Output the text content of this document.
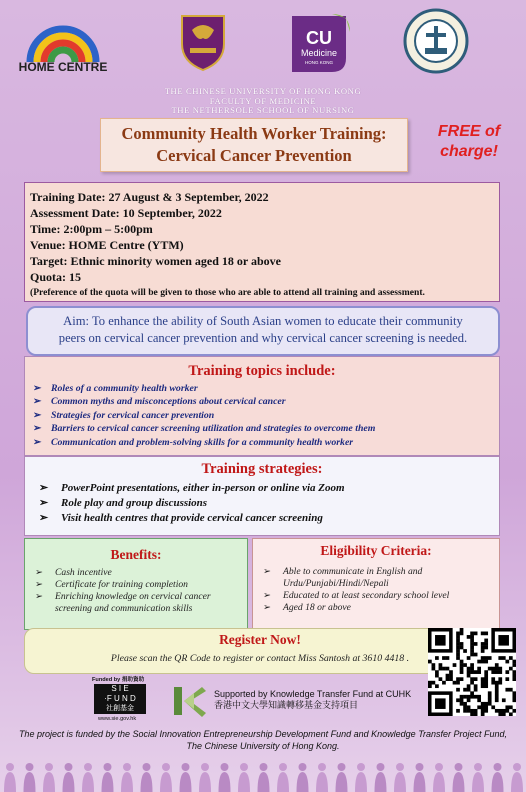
HOME CENTRE
CU
Medicine
HONG KONG
THE CHINESE UNIVERSITY OF HONG KONG
FACULTY OF MEDICINE
THE NETHERSOLE SCHOOL OF NURSING
Community Health Worker Training:
Cervical Cancer Prevention
FREE of
charge!
Training Date: 27 August & 3 September, 2022
Assessment Date: 10 September, 2022
Time: 2:00pm – 5:00pm
Venue: HOME Centre (YTM)
Target: Ethnic minority women aged 18 or above
Quota: 15
(Preference of the quota will be given to those who are able to attend all training and assessment.
Aim: To enhance the ability of South Asian women to educate their community
peers on cervical cancer prevention and why cervical cancer screening is needed.
Training topics include:
➢ Roles of a community health worker
➢ Common myths and misconceptions about cervical cancer
➢ Strategies for cervical cancer prevention
➢ Barriers to cervical cancer screening utilization and strategies to overcome them
➢ Communication and problem-solving skills for a community health worker
Training strategies:
➢ PowerPoint presentations, either in-person or online via Zoom
➢ Role play and group discussions
➢ Visit health centres that provide cervical cancer screening
Benefits:
➢ Cash incentive
➢ Certificate for training completion
➢ Enriching knowledge on cervical cancer screening and communication skills
Eligibility Criteria:
➢ Able to communicate in English and Urdu/Punjabi/Hindi/Nepali
➢ Educated to at least secondary school level
➢ Aged 18 or above
Register Now!
Please scan the QR Code to register or contact Miss Santosh at 3610 4418 .
Funded by 捐助資助
S I E
·F U N D
社創基金
www.sie.gov.hk
Supported by Knowledge Transfer Fund at CUHK
香港中文大學知識轉移基金支持項目
The project is funded by the Social Innovation Entrepreneurship Development Fund and Knowledge Transfer Project Fund,
The Chinese University of Hong Kong.
